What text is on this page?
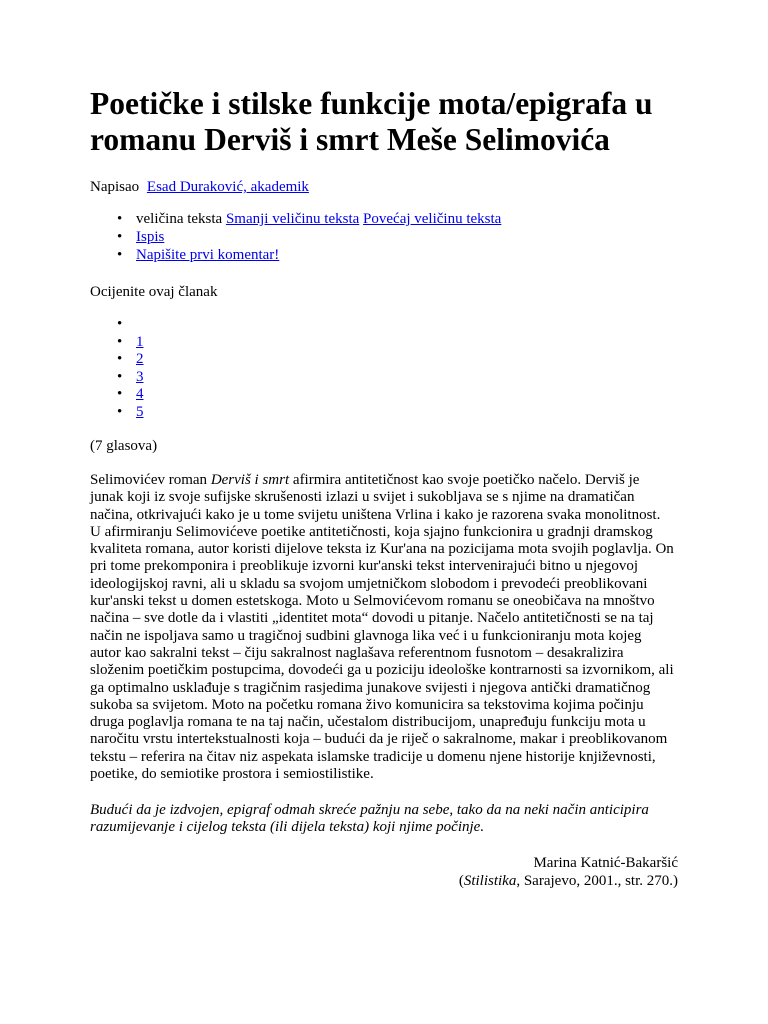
Poetičke i stilske funkcije mota/epigrafa u
romanu Derviš i smrt Meše Selimovića
Napisao Esad Duraković, akademik
• veličina teksta Smanji veličinu teksta Povećaj veličinu teksta
• Ispis
• Napišite prvi komentar!
Ocijenite ovaj članak
•
• 1
• 2
• 3
• 4
• 5
(7 glasova)
Selimovićev roman Derviš i smrt afirmira antitetičnost kao svoje poetičko načelo. Derviš je
junak koji iz svoje sufijske skrušenosti izlazi u svijet i sukobljava se s njime na dramatičan
načina, otkrivajući kako je u tome svijetu uništena Vrlina i kako je razorena svaka monolitnost.
U afirmiranju Selimovićeve poetike antitetičnosti, koja sjajno funkcionira u gradnji dramskog
kvaliteta romana, autor koristi dijelove teksta iz Kur'ana na pozicijama mota svojih poglavlja. On
pri tome prekomponira i preoblikuje izvorni kur'anski tekst intervenirajući bitno u njegovoj
ideologijskoj ravni, ali u skladu sa svojom umjetničkom slobodom i prevodeći preoblikovani
kur'anski tekst u domen estetskoga. Moto u Selmovićevom romanu se oneobičava na mnoštvo
načina – sve dotle da i vlastiti „identitet mota“ dovodi u pitanje. Načelo antitetičnosti se na taj
način ne ispoljava samo u tragičnoj sudbini glavnoga lika već i u funkcioniranju mota kojeg
autor kao sakralni tekst – čiju sakralnost naglašava referentnom fusnotom – desakralizira
složenim poetičkim postupcima, dovodeći ga u poziciju ideološke kontrarnosti sa izvornikom, ali
ga optimalno usklađuje s tragičnim rasjedima junakove svijesti i njegova antički dramatičnog
sukoba sa svijetom. Moto na početku romana živo komunicira sa tekstovima kojima počinju
druga poglavlja romana te na taj način, učestalom distribucijom, unapređuju funkciju mota u
naročitu vrstu intertekstualnosti koja – budući da je riječ o sakralnome, makar i preoblikovanom
tekstu – referira na čitav niz aspekata islamske tradicije u domenu njene historije književnosti,
poetike, do semiotike prostora i semiostilistike.
Budući da je izdvojen, epigraf odmah skreće pažnju na sebe, tako da na neki način anticipira
razumijevanje i cijelog teksta (ili dijela teksta) koji njime počinje.
Marina Katnić-Bakaršić
(Stilistika, Sarajevo, 2001., str. 270.)
